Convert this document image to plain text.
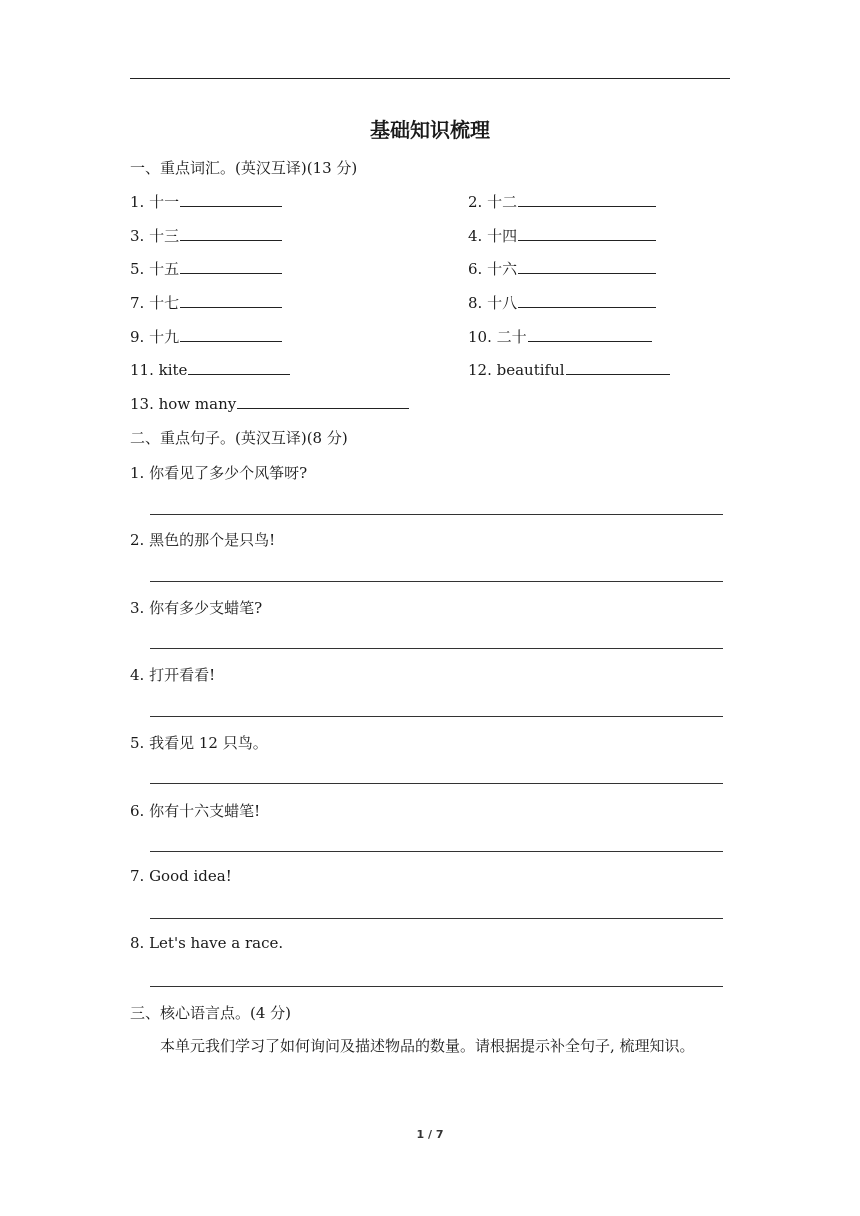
基础知识梳理
一、重点词汇。(英汉互译)(13 分)
1. 十一	2. 十二
3. 十三	4. 十四
5. 十五	6. 十六
7. 十七	8. 十八
9. 十九	10. 二十
11. kite	12. beautiful
13. how many
二、重点句子。(英汉互译)(8 分)
1. 你看见了多少个风筝呀?
2. 黑色的那个是只鸟!
3. 你有多少支蜡笔?
4. 打开看看!
5. 我看见 12 只鸟。
6. 你有十六支蜡笔!
7. Good idea!
8. Let's have a race.
三、核心语言点。(4 分)
本单元我们学习了如何询问及描述物品的数量。请根据提示补全句子, 梳理知识。
1 / 7
